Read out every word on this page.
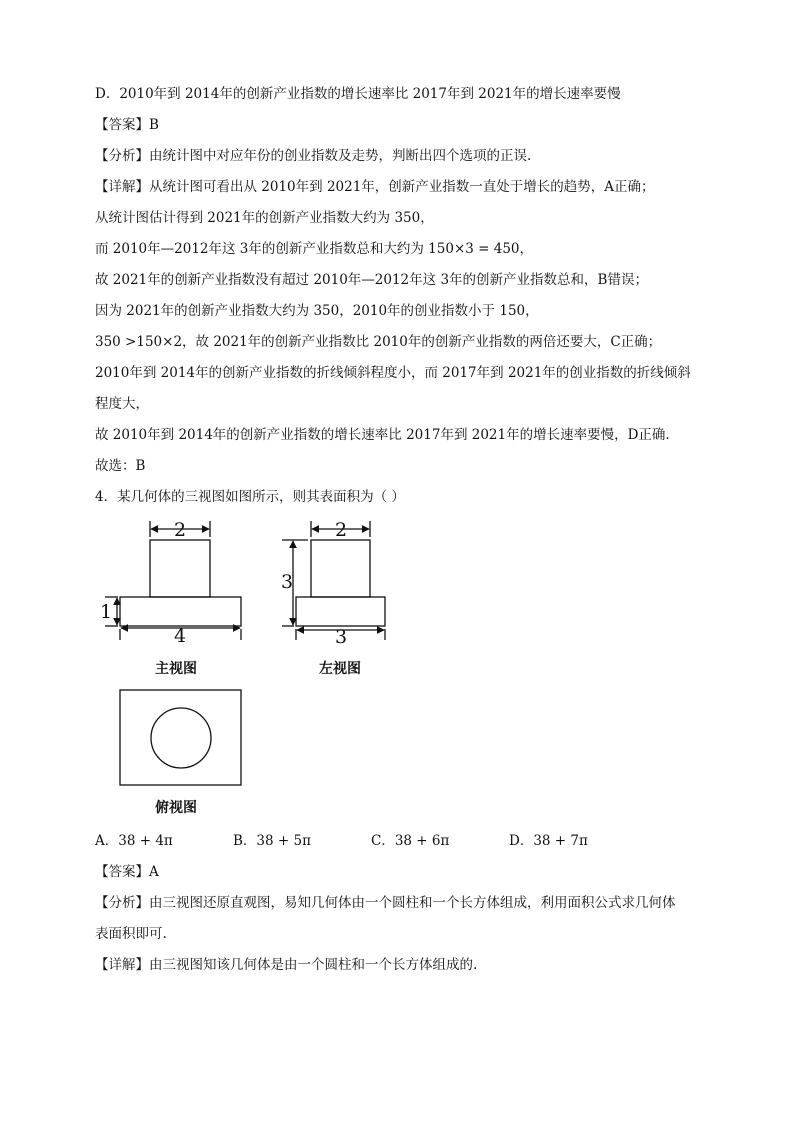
D．2010年到 2014年的创新产业指数的增长速率比 2017年到 2021年的增长速率要慢
【答案】B
【分析】由统计图中对应年份的创业指数及走势，判断出四个选项的正误.
【详解】从统计图可看出从 2010年到 2021年，创新产业指数一直处于增长的趋势，A正确；
从统计图估计得到 2021年的创新产业指数大约为 350，
而 2010年—2012年这 3年的创新产业指数总和大约为 150×3 = 450，
故 2021年的创新产业指数没有超过 2010年—2012年这 3年的创新产业指数总和，B错误；
因为 2021年的创新产业指数大约为 350，2010年的创业指数小于 150，
350 >150×2，故 2021年的创新产业指数比 2010年的创新产业指数的两倍还要大，C正确；
2010年到 2014年的创新产业指数的折线倾斜程度小，而 2017年到 2021年的创业指数的折线倾斜
程度大，
故 2010年到 2014年的创新产业指数的增长速率比 2017年到 2021年的增长速率要慢，D正确.
故选：B
4．某几何体的三视图如图所示，则其表面积为（ ）
2
1
4
2
3
3
主视图	左视图
俯视图
A．38 + 4π	B．38 + 5π	C．38 + 6π	D．38 + 7π
【答案】A
【分析】由三视图还原直观图，易知几何体由一个圆柱和一个长方体组成，利用面积公式求几何体
表面积即可.
【详解】由三视图知该几何体是由一个圆柱和一个长方体组成的.
